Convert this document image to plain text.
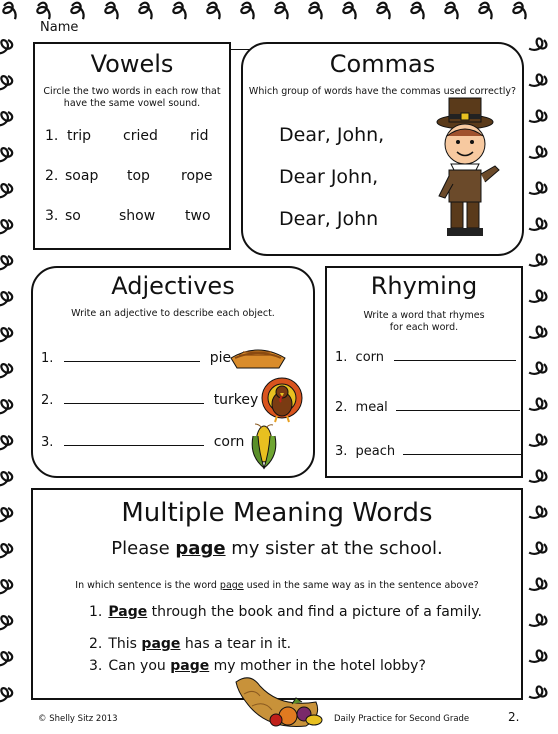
Name
Vowels
Circle the two words in each row that
have the same vowel sound.
1. trip cried rid
2. soap top rope
3. so	show two
Commas
Which group of words have the commas used correctly?
Dear, John,
Dear John,
Dear, John
Adjectives
Write an adjective to describe each object.
1.	pie
2.	turkey
3.	corn
Rhyming
Write a word that rhymes
for each word.
1. corn
2. meal
3. peach
Multiple Meaning Words
Please page my sister at the school.
In which sentence is the word page used in the same way as in the sentence above?
1. Page through the book and find a picture of a family.
2. This page has a tear in it.
3. Can you page my mother in the hotel lobby?
© Shelly Sitz 2013	Daily Practice for Second Grade	2.
